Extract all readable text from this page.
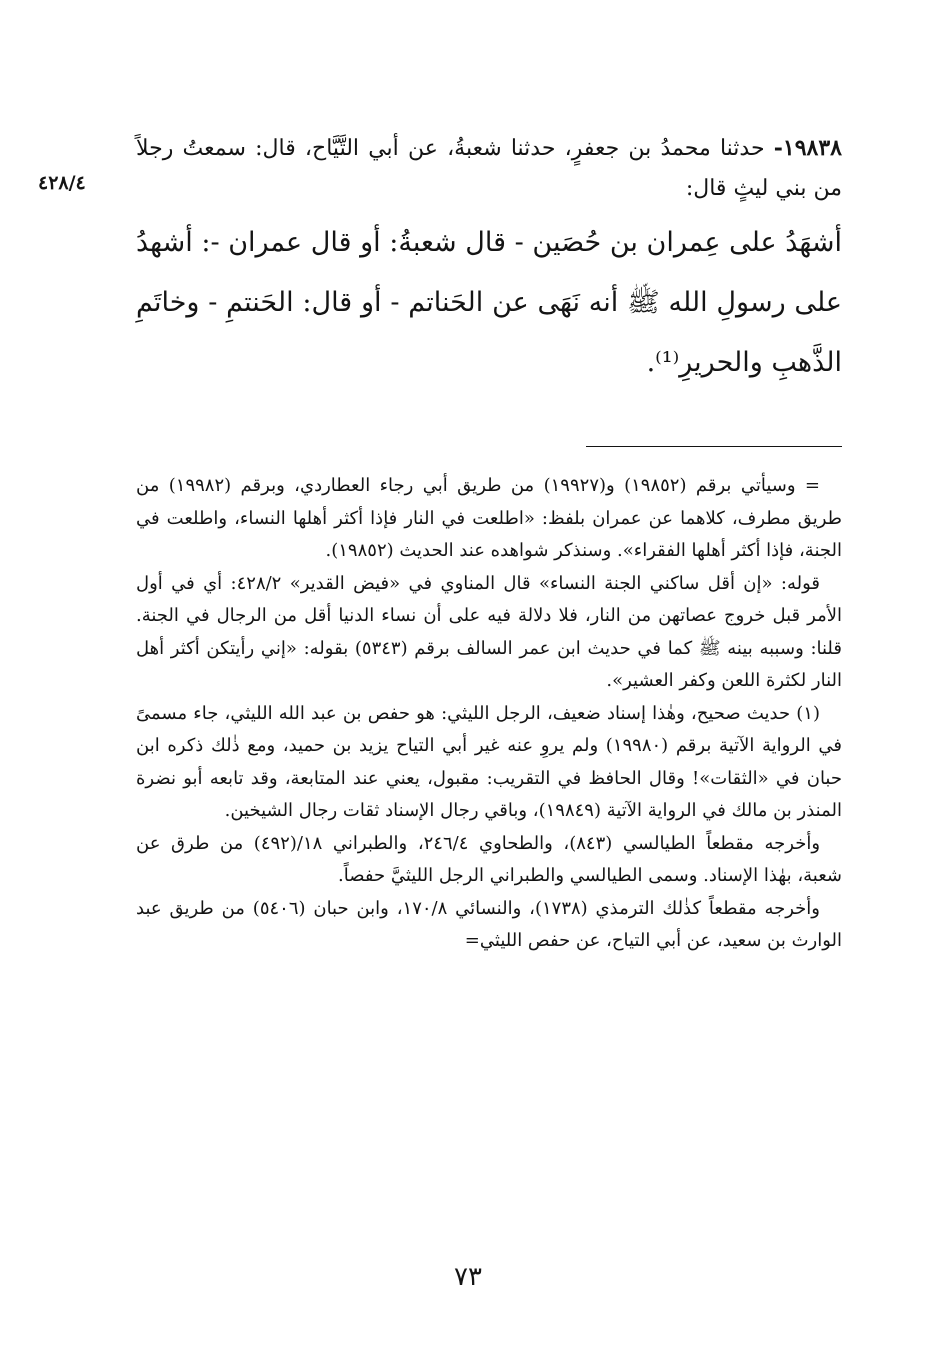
٤٢٨/٤

١٩٨٣٨- حدثنا محمدُ بن جعفرٍ، حدثنا شعبةُ، عن أبي التَّيَّاح، قال: سمعتُ رجلاً من بني ليثٍ قال:

أشهَدُ على عِمران بن حُصَين - قال شعبةُ: أو قال عمران -: أشهدُ على رسولِ الله ﷺ أنه نَهَى عن الحَناتم - أو قال: الحَنتمِ - وخاتَمِ الذَّهبِ والحريرِ⁽¹⁾.

= وسيأتي برقم (١٩٨٥٢) و(١٩٩٢٧) من طريق أبي رجاء العطاردي، وبرقم (١٩٩٨٢) من طريق مطرف، كلاهما عن عمران بلفظ: «اطلعت في النار فإذا أكثر أهلها النساء، واطلعت في الجنة، فإذا أكثر أهلها الفقراء». وسنذكر شواهده عند الحديث (١٩٨٥٢).

قوله: «إن أقل ساكني الجنة النساء» قال المناوي في «فيض القدير» ٤٢٨/٢: أي في أول الأمر قبل خروج عصاتهن من النار، فلا دلالة فيه على أن نساء الدنيا أقل من الرجال في الجنة. قلنا: وسببه بينه ﷺ كما في حديث ابن عمر السالف برقم (٥٣٤٣) بقوله: «إني رأيتكن أكثر أهل النار لكثرة اللعن وكفر العشير».

(١) حديث صحيح، وهٰذا إسناد ضعيف، الرجل الليثي: هو حفص بن عبد الله الليثي، جاء مسمىً في الرواية الآتية برقم (١٩٩٨٠) ولم يروِ عنه غير أبي التياح يزيد بن حميد، ومع ذٰلك ذكره ابن حبان في «الثقات»! وقال الحافظ في التقريب: مقبول، يعني عند المتابعة، وقد تابعه أبو نضرة المنذر بن مالك في الرواية الآتية (١٩٨٤٩)، وباقي رجال الإسناد ثقات رجال الشيخين.

وأخرجه مقطعاً الطيالسي (٨٤٣)، والطحاوي ٢٤٦/٤، والطبراني ١٨/(٤٩٢) من طرق عن شعبة، بهٰذا الإسناد. وسمى الطيالسي والطبراني الرجل الليثيَّ حفصاً.

وأخرجه مقطعاً كذٰلك الترمذي (١٧٣٨)، والنسائي ١٧٠/٨، وابن حبان (٥٤٠٦) من طريق عبد الوارث بن سعيد، عن أبي التياح، عن حفص الليثي=

٧٣
